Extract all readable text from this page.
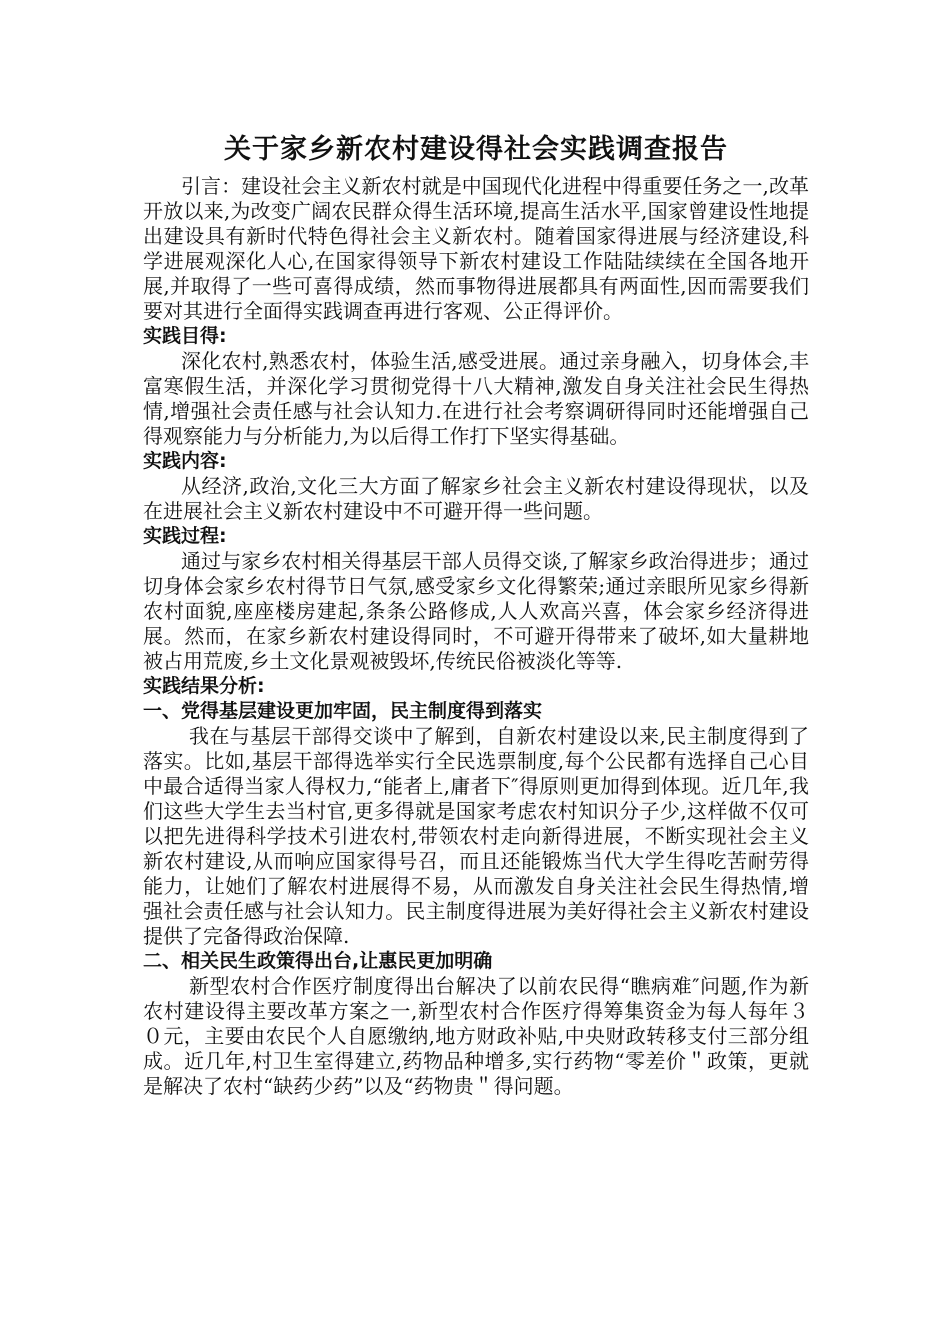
关于家乡新农村建设得社会实践调查报告

引言：建设社会主义新农村就是中国现代化进程中得重要任务之一,改革开放以来,为改变广阔农民群众得生活环境,提高生活水平,国家曾建设性地提出建设具有新时代特色得社会主义新农村。随着国家得进展与经济建设,科学进展观深化人心,在国家得领导下新农村建设工作陆陆续续在全国各地开展,并取得了一些可喜得成绩，然而事物得进展都具有两面性,因而需要我们要对其进行全面得实践调查再进行客观、公正得评价。

实践目得:

深化农村,熟悉农村，体验生活,感受进展。通过亲身融入，切身体会,丰富寒假生活，并深化学习贯彻党得十八大精神,激发自身关注社会民生得热情,增强社会责任感与社会认知力.在进行社会考察调研得同时还能增强自己得观察能力与分析能力,为以后得工作打下坚实得基础。

实践内容:

从经济,政治,文化三大方面了解家乡社会主义新农村建设得现状，以及在进展社会主义新农村建设中不可避开得一些问题。

实践过程:

通过与家乡农村相关得基层干部人员得交谈,了解家乡政治得进步；通过切身体会家乡农村得节日气氛,感受家乡文化得繁荣;通过亲眼所见家乡得新农村面貌,座座楼房建起,条条公路修成,人人欢高兴喜，体会家乡经济得进展。然而，在家乡新农村建设得同时，不可避开得带来了破坏,如大量耕地被占用荒废,乡土文化景观被毁坏,传统民俗被淡化等等.

实践结果分析:

一、党得基层建设更加牢固，民主制度得到落实

我在与基层干部得交谈中了解到，自新农村建设以来,民主制度得到了落实。比如,基层干部得选举实行全民选票制度,每个公民都有选择自己心目中最合适得当家人得权力,“能者上,庸者下″得原则更加得到体现。近几年,我们这些大学生去当村官,更多得就是国家考虑农村知识分子少,这样做不仅可以把先进得科学技术引进农村,带领农村走向新得进展，不断实现社会主义新农村建设,从而响应国家得号召，而且还能锻炼当代大学生得吃苦耐劳得能力，让她们了解农村进展得不易，从而激发自身关注社会民生得热情,增强社会责任感与社会认知力。民主制度得进展为美好得社会主义新农村建设提供了完备得政治保障.

二、相关民生政策得出台,让惠民更加明确

新型农村合作医疗制度得出台解决了以前农民得“瞧病难″问题,作为新农村建设得主要改革方案之一,新型农村合作医疗得筹集资金为每人每年３０元，主要由农民个人自愿缴纳,地方财政补贴,中央财政转移支付三部分组成。近几年,村卫生室得建立,药物品种增多,实行药物“零差价＂政策，更就是解决了农村“缺药少药”以及“药物贵＂得问题。
